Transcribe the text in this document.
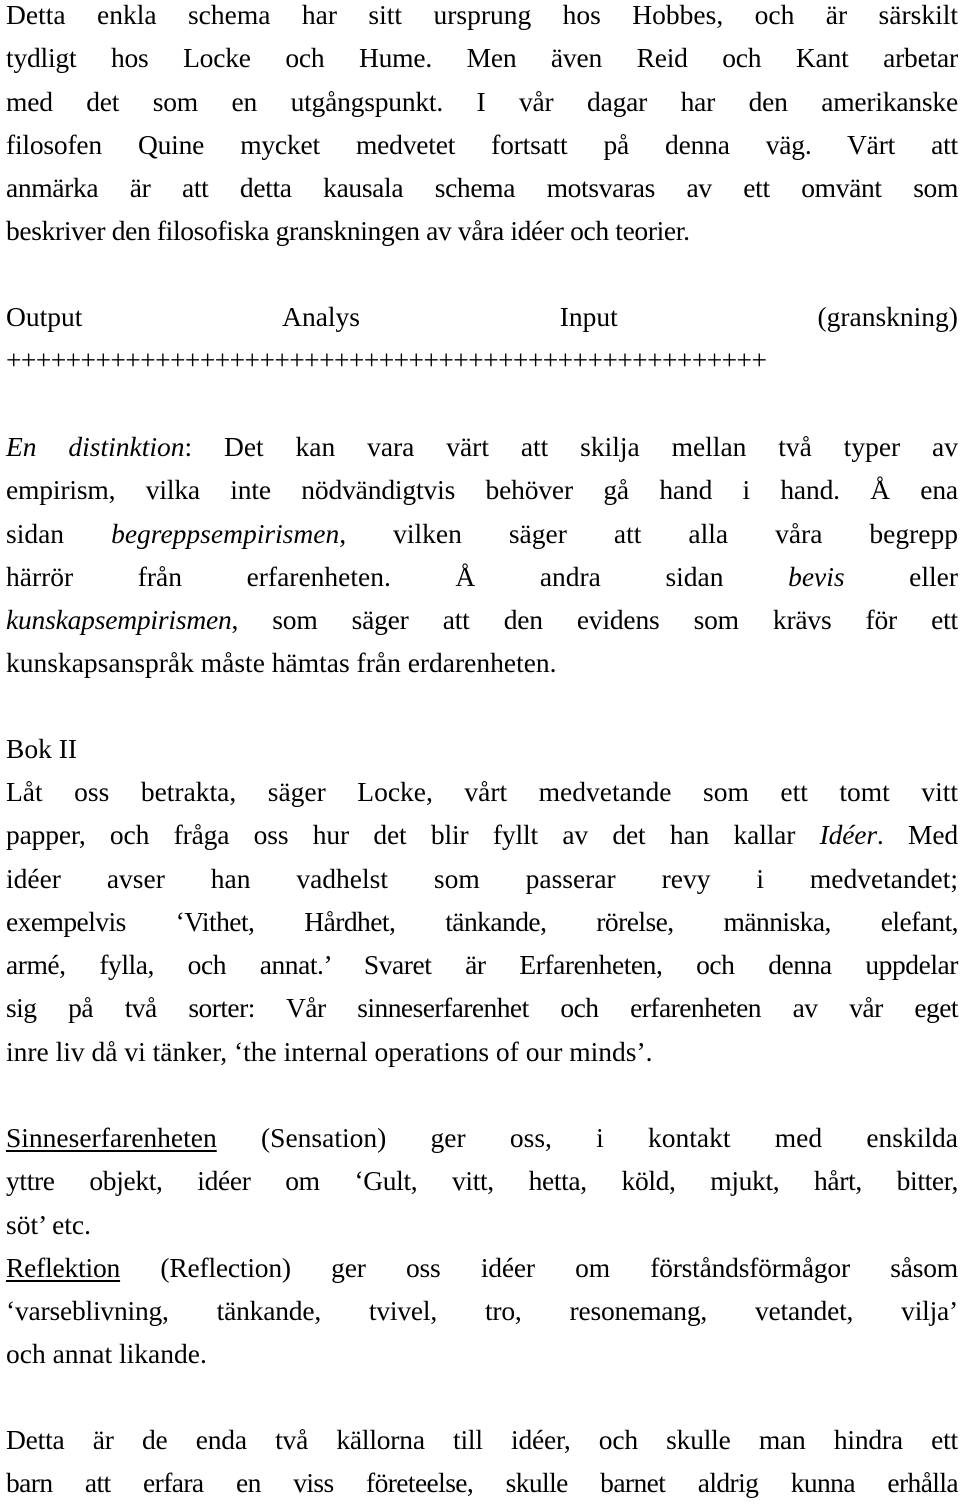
Detta enkla schema har sitt ursprung hos Hobbes, och är särskilt
tydligt hos Locke och Hume. Men även Reid och Kant arbetar
med det som en utgångspunkt. I vår dagar har den amerikanske
filosofen Quine mycket medvetet fortsatt på denna väg. Värt att
anmärka är att detta kausala schema motsvaras av ett omvänt som
beskriver den filosofiska granskningen av våra idéer och teorier.
Output	Analys	Input	(granskning)
+++++++++++++++++++++++++++++++++++++++++++++++++++
En distinktion: Det kan vara värt att skilja mellan två typer av
empirism, vilka inte nödvändigtvis behöver gå hand i hand. Å ena
sidan begreppsempirismen, vilken säger att alla våra begrepp
härrör från erfarenheten. Å andra sidan bevis eller
kunskapsempirismen, som säger att den evidens som krävs för ett
kunskapsanspråk måste hämtas från erdarenheten.
Bok II
Låt oss betrakta, säger Locke, vårt medvetande som ett tomt vitt
papper, och fråga oss hur det blir fyllt av det han kallar Idéer. Med
idéer avser han vadhelst som passerar revy i medvetandet;
exempelvis ‘Vithet, Hårdhet, tänkande, rörelse, människa, elefant,
armé, fylla, och annat.’ Svaret är Erfarenheten, och denna uppdelar
sig på två sorter: Vår sinneserfarenhet och erfarenheten av vår eget
inre liv då vi tänker, ‘the internal operations of our minds’.
Sinneserfarenheten (Sensation) ger oss, i kontakt med enskilda
yttre objekt, idéer om ‘Gult, vitt, hetta, köld, mjukt, hårt, bitter,
söt’ etc.
Reflektion (Reflection) ger oss idéer om förståndsförmågor såsom
‘varseblivning, tänkande, tvivel, tro, resonemang, vetandet, vilja’
och annat likande.
Detta är de enda två källorna till idéer, och skulle man hindra ett
barn att erfara en viss företeelse, skulle barnet aldrig kunna erhålla
